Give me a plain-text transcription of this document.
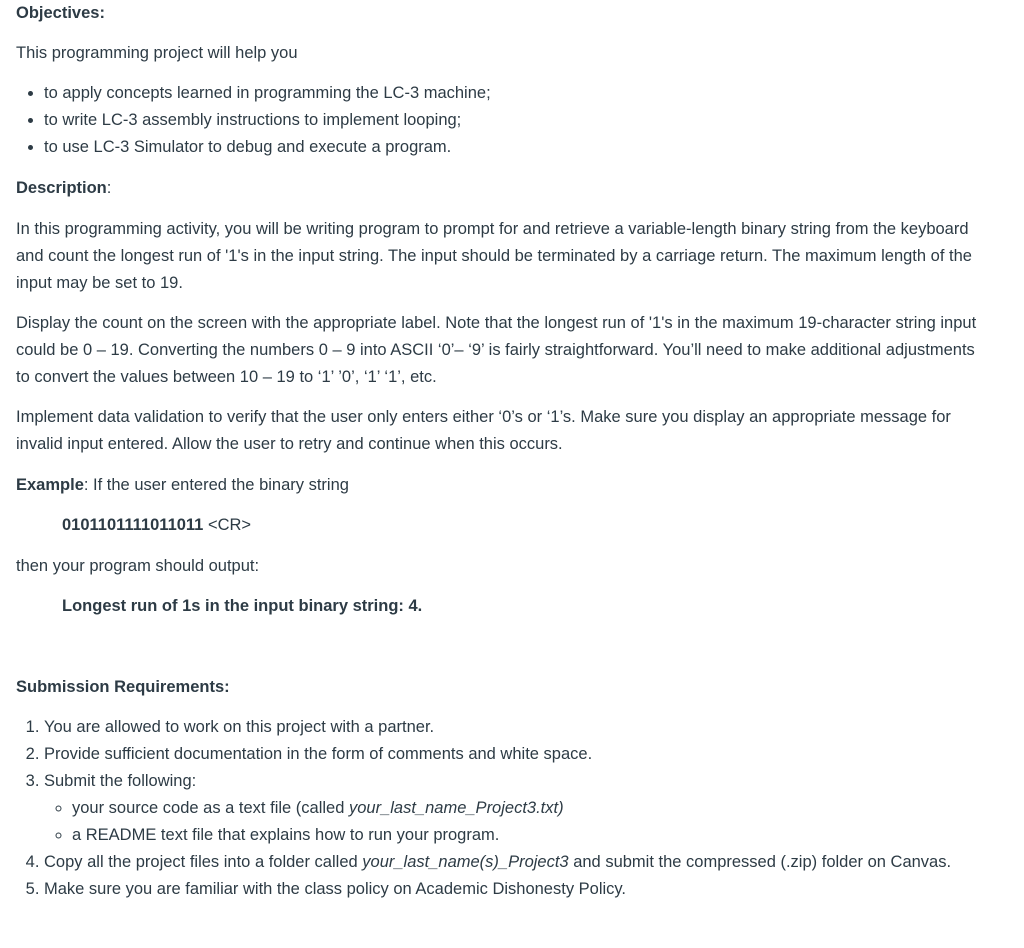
Objectives:

This programming project will help you

• to apply concepts learned in programming the LC-3 machine;
• to write LC-3 assembly instructions to implement looping;
• to use LC-3 Simulator to debug and execute a program.
Description:

In this programming activity, you will be writing program to prompt for and retrieve a variable-length binary string from the keyboard and count the longest run of '1's in the input string. The input should be terminated by a carriage return. The maximum length of the input may be set to 19.

Display the count on the screen with the appropriate label. Note that the longest run of '1's in the maximum 19-character string input could be 0 – 19. Converting the numbers 0 – 9 into ASCII ‘0’– ‘9’ is fairly straightforward. You’ll need to make additional adjustments to convert the values between 10 – 19 to ‘1’ ’0’, ‘1’ ‘1’, etc.

Implement data validation to verify that the user only enters either ‘0’s or ‘1’s. Make sure you display an appropriate message for invalid input entered. Allow the user to retry and continue when this occurs.

Example: If the user entered the binary string

0101101111011011 <CR>

then your program should output:

Longest run of 1s in the input binary string: 4.

Submission Requirements:
1. You are allowed to work on this project with a partner.
2. Provide sufficient documentation in the form of comments and white space.
3. Submit the following:
◦ your source code as a text file (called your_last_name_Project3.txt)
◦ a README text file that explains how to run your program.
4. Copy all the project files into a folder called your_last_name(s)_Project3 and submit the compressed (.zip) folder on Canvas.
5. Make sure you are familiar with the class policy on Academic Dishonesty Policy.
